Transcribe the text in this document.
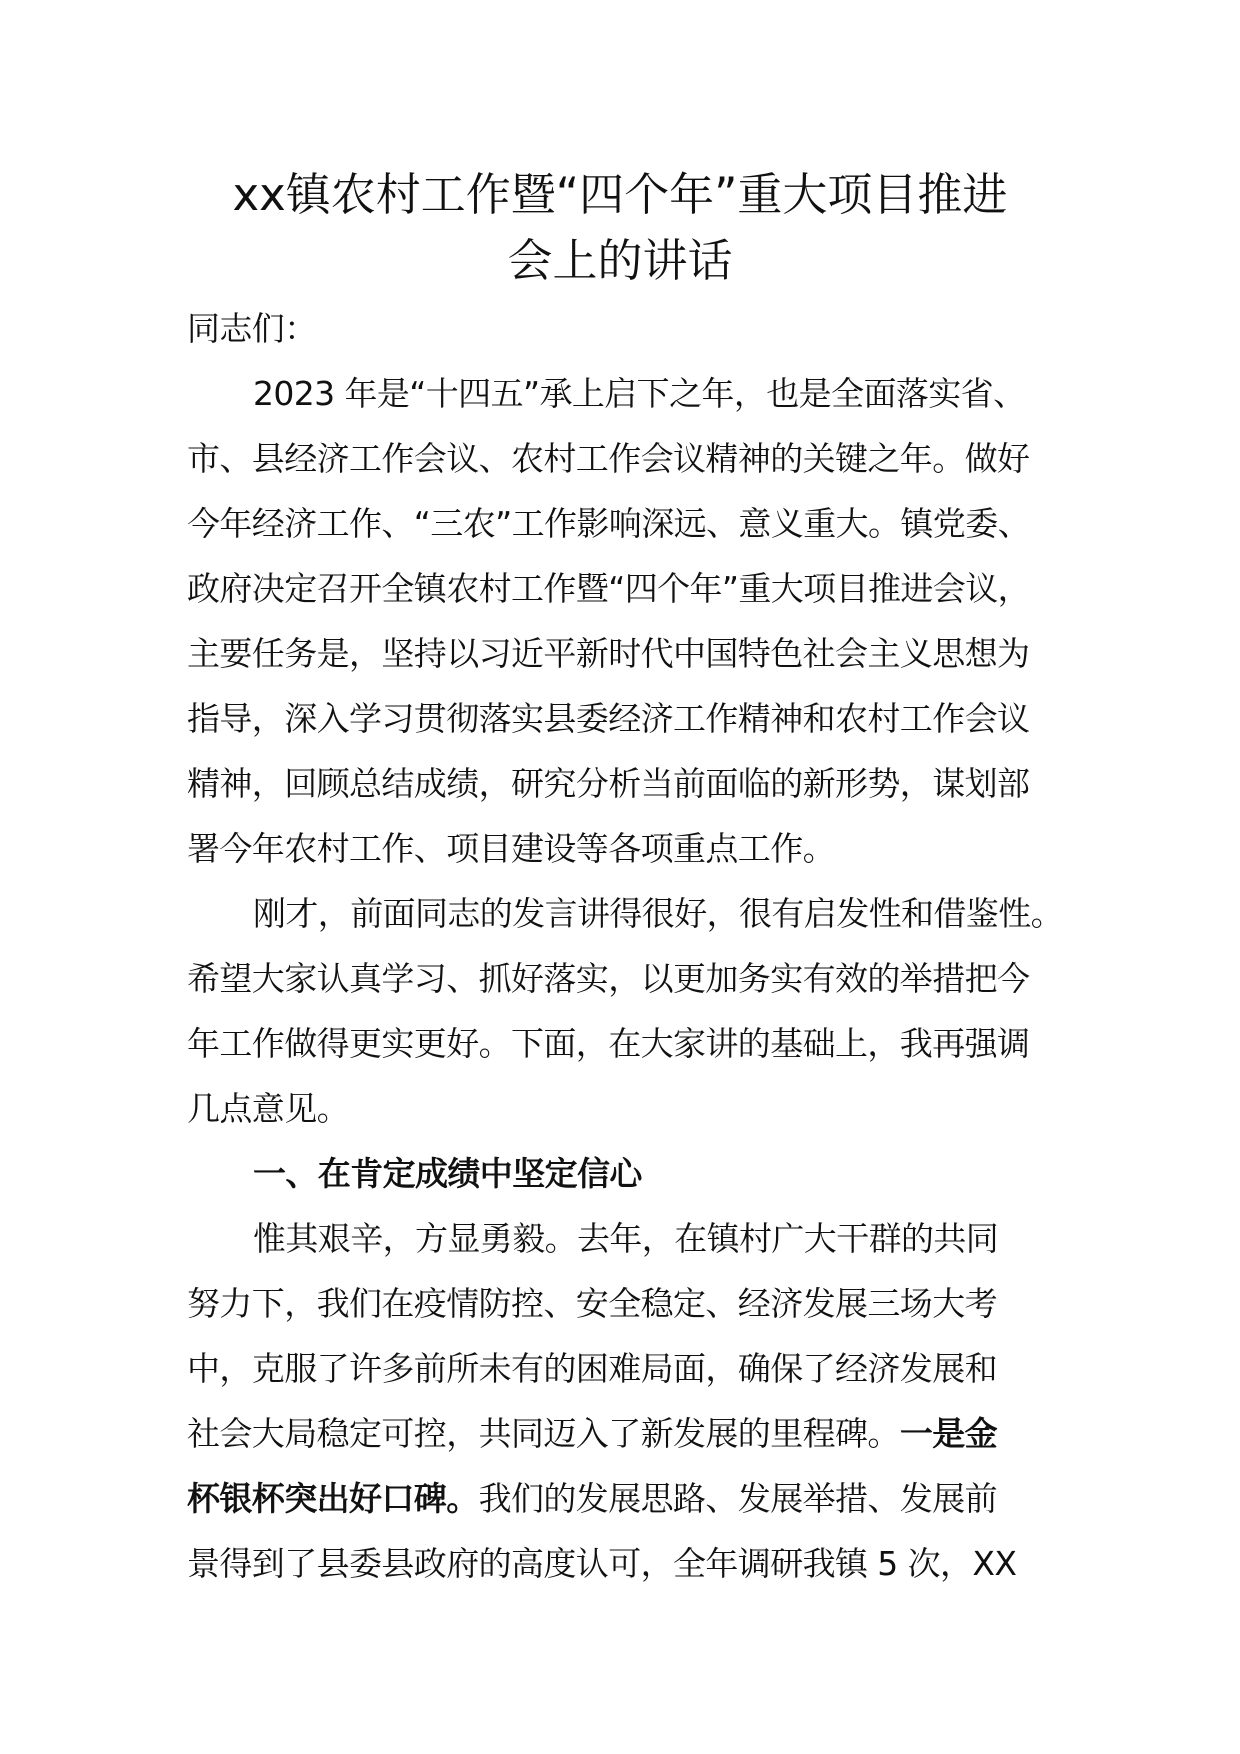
xx镇农村工作暨“四个年”重大项目推进
会上的讲话
同志们：
2023 年是“十四五”承上启下之年，也是全面落实省、
市、县经济工作会议、农村工作会议精神的关键之年。做好
今年经济工作、“三农”工作影响深远、意义重大。镇党委、
政府决定召开全镇农村工作暨“四个年”重大项目推进会议，
主要任务是，坚持以习近平新时代中国特色社会主义思想为
指导，深入学习贯彻落实县委经济工作精神和农村工作会议
精神，回顾总结成绩，研究分析当前面临的新形势，谋划部
署今年农村工作、项目建设等各项重点工作。
刚才，前面同志的发言讲得很好，很有启发性和借鉴性。
希望大家认真学习、抓好落实，以更加务实有效的举措把今
年工作做得更实更好。下面，在大家讲的基础上，我再强调
几点意见。
一、在肯定成绩中坚定信心
惟其艰辛，方显勇毅。去年，在镇村广大干群的共同
努力下，我们在疫情防控、安全稳定、经济发展三场大考
中，克服了许多前所未有的困难局面，确保了经济发展和
社会大局稳定可控，共同迈入了新发展的里程碑。一是金
杯银杯突出好口碑。我们的发展思路、发展举措、发展前
景得到了县委县政府的高度认可，全年调研我镇 5 次，XX
